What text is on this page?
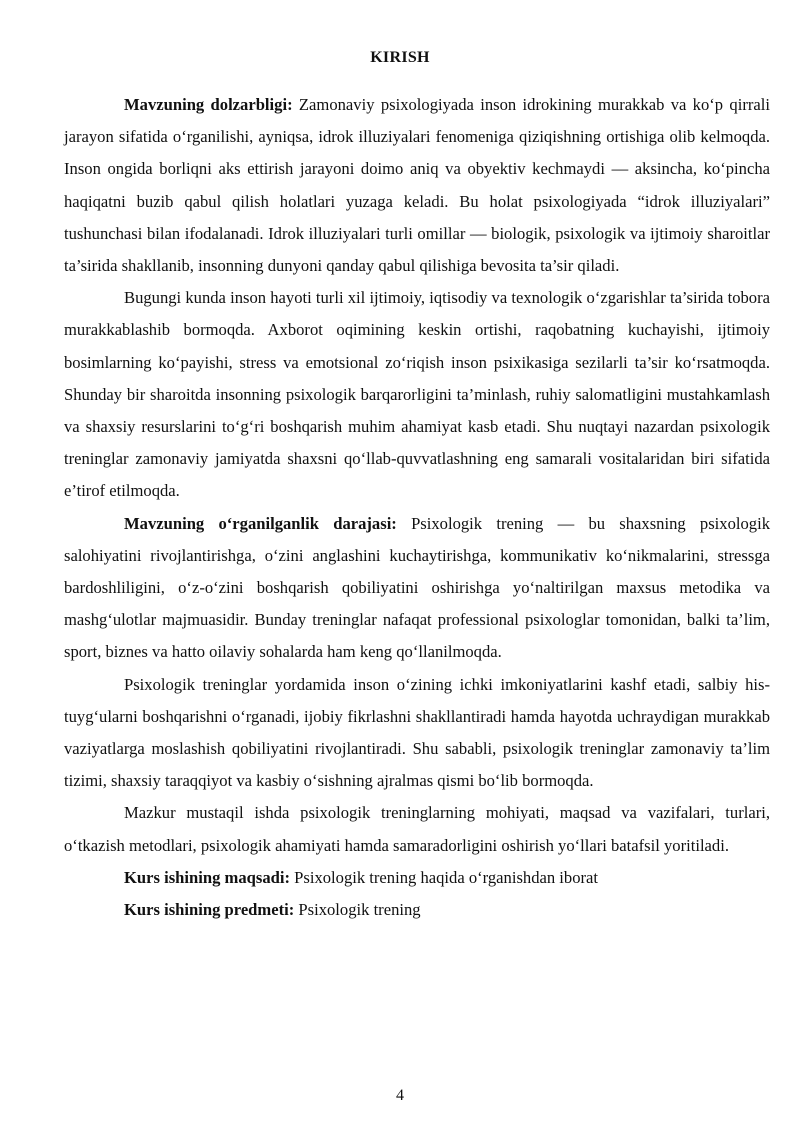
KIRISH

Mavzuning dolzarbligi: Zamonaviy psixologiyada inson idrokining murakkab va ko‘p qirrali jarayon sifatida o‘rganilishi, ayniqsa, idrok illuziyalari fenomeniga qiziqishning ortishiga olib kelmoqda. Inson ongida borliqni aks ettirish jarayoni doimo aniq va obyektiv kechmaydi — aksincha, ko‘pincha haqiqatni buzib qabul qilish holatlari yuzaga keladi. Bu holat psixologiyada “idrok illuziyalari” tushunchasi bilan ifodalanadi. Idrok illuziyalari turli omillar — biologik, psixologik va ijtimoiy sharoitlar ta’sirida shakllanib, insonning dunyoni qanday qabul qilishiga bevosita ta’sir qiladi.

Bugungi kunda inson hayoti turli xil ijtimoiy, iqtisodiy va texnologik o‘zgarishlar ta’sirida tobora murakkablashib bormoqda. Axborot oqimining keskin ortishi, raqobatning kuchayishi, ijtimoiy bosimlarning ko‘payishi, stress va emotsional zo‘riqish inson psixikasiga sezilarli ta’sir ko‘rsatmoqda. Shunday bir sharoitda insonning psixologik barqarorligini ta’minlash, ruhiy salomatligini mustahkamlash va shaxsiy resurslarini to‘g‘ri boshqarish muhim ahamiyat kasb etadi. Shu nuqtayi nazardan psixologik treninglar zamonaviy jamiyatda shaxsni qo‘llab-quvvatlashning eng samarali vositalaridan biri sifatida e’tirof etilmoqda.

Mavzuning o‘rganilganlik darajasi: Psixologik trening — bu shaxsning psixologik salohiyatini rivojlantirishga, o‘zini anglashini kuchaytirishga, kommunikativ ko‘nikmalarini, stressga bardoshliligini, o‘z-o‘zini boshqarish qobiliyatini oshirishga yo‘naltirilgan maxsus metodika va mashg‘ulotlar majmuasidir. Bunday treninglar nafaqat professional psixologlar tomonidan, balki ta’lim, sport, biznes va hatto oilaviy sohalarda ham keng qo‘llanilmoqda.

Psixologik treninglar yordamida inson o‘zining ichki imkoniyatlarini kashf etadi, salbiy his-tuyg‘ularni boshqarishni o‘rganadi, ijobiy fikrlashni shakllantiradi hamda hayotda uchraydigan murakkab vaziyatlarga moslashish qobiliyatini rivojlantiradi. Shu sababli, psixologik treninglar zamonaviy ta’lim tizimi, shaxsiy taraqqiyot va kasbiy o‘sishning ajralmas qismi bo‘lib bormoqda.

Mazkur mustaqil ishda psixologik treninglarning mohiyati, maqsad va vazifalari, turlari, o‘tkazish metodlari, psixologik ahamiyati hamda samaradorligini oshirish yo‘llari batafsil yoritiladi.

Kurs ishining maqsadi: Psixologik trening haqida o‘rganishdan iborat

Kurs ishining predmeti: Psixologik trening

4
